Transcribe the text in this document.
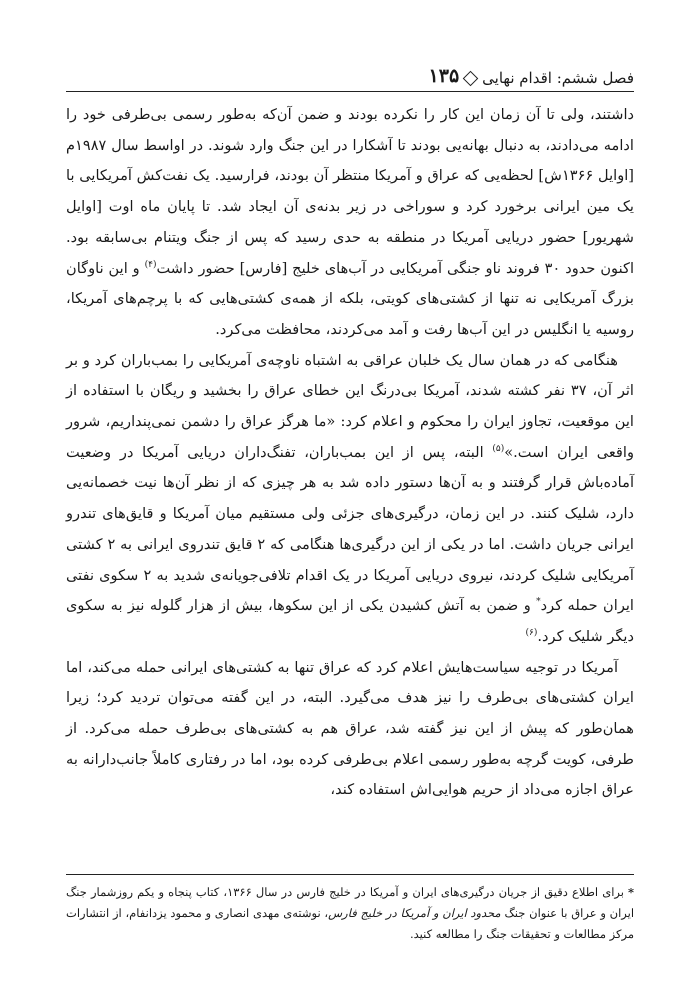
فصل ششم: اقدام نهایی
۱۳۵

داشتند، ولی تا آن زمان این کار را نکرده بودند و ضمن آن‌که به‌طور رسمی بی‌طرفی خود را ادامه می‌دادند، به دنبال بهانه‌یی بودند تا آشکارا در این جنگ وارد شوند. در اواسط سال ۱۹۸۷م [اوایل ۱۳۶۶ش] لحظه‌یی که عراق و آمریکا منتظر آن بودند، فرارسید. یک نفت‌کش آمریکایی با یک مین ایرانی برخورد کرد و سوراخی در زیر بدنه‌ی آن ایجاد شد. تا پایان ماه اوت [اوایل شهریور] حضور دریایی آمریکا در منطقه به حدی رسید که پس از جنگ ویتنام بی‌سابقه بود. اکنون حدود ۳۰ فروند ناو جنگی آمریکایی در آب‌های خلیج [فارس] حضور داشت$^{(۴)}$ و این ناوگان بزرگ آمریکایی نه تنها از کشتی‌های کویتی، بلکه از همه‌ی کشتی‌هایی که با پرچم‌های آمریکا، روسیه یا انگلیس در این آب‌ها رفت و آمد می‌کردند، محافظت می‌کرد.

هنگامی که در همان سال یک خلبان عراقی به اشتباه ناوچه‌ی آمریکایی را بمب‌باران کرد و بر اثر آن، ۳۷ نفر کشته شدند، آمریکا بی‌درنگ این خطای عراق را بخشید و ریگان با استفاده از این موقعیت، تجاوز ایران را محکوم و اعلام کرد: «ما هرگز عراق را دشمن نمی‌پنداریم، شرور واقعی ایران است.»$^{(۵)}$ البته، پس از این بمب‌باران، تفنگ‌داران دریایی آمریکا در وضعیت آماده‌باش قرار گرفتند و به آن‌ها دستور داده شد به هر چیزی که از نظر آن‌ها نیت خصمانه‌یی دارد، شلیک کنند. در این زمان، درگیری‌های جزئی ولی مستقیم میان آمریکا و قایق‌های تندرو ایرانی جریان داشت. اما در یکی از این درگیری‌ها هنگامی که ۲ قایق تندروی ایرانی به ۲ کشتی آمریکایی شلیک کردند، نیروی دریایی آمریکا در یک اقدام تلافی‌جویانه‌ی شدید به ۲ سکوی نفتی ایران حمله کرد* و ضمن به آتش کشیدن یکی از این سکوها، بیش از هزار گلوله نیز به سکوی دیگر شلیک کرد.$^{(۶)}$

آمریکا در توجیه سیاست‌هایش اعلام کرد که عراق تنها به کشتی‌های ایرانی حمله می‌کند، اما ایران کشتی‌های بی‌طرف را نیز هدف می‌گیرد. البته، در این گفته می‌توان تردید کرد؛ زیرا همان‌طور که پیش از این نیز گفته شد، عراق هم به کشتی‌های بی‌طرف حمله می‌کرد. از طرفی، کویت گرچه به‌طور رسمی اعلام بی‌طرفی کرده بود، اما در رفتاری کاملاً جانب‌دارانه به عراق اجازه می‌داد از حریم هوایی‌اش استفاده کند،

*برای اطلاع دقیق از جریان درگیری‌های ایران و آمریکا در خلیج فارس در سال ۱۳۶۶، کتاب پنجاه و یکم روزشمار جنگ ایران و عراق با عنوان جنگ محدود ایران و آمریکا در خلیج فارس، نوشته‌ی مهدی انصاری و محمود یزدانفام، از انتشارات مرکز مطالعات و تحقیقات جنگ را مطالعه کنید.
